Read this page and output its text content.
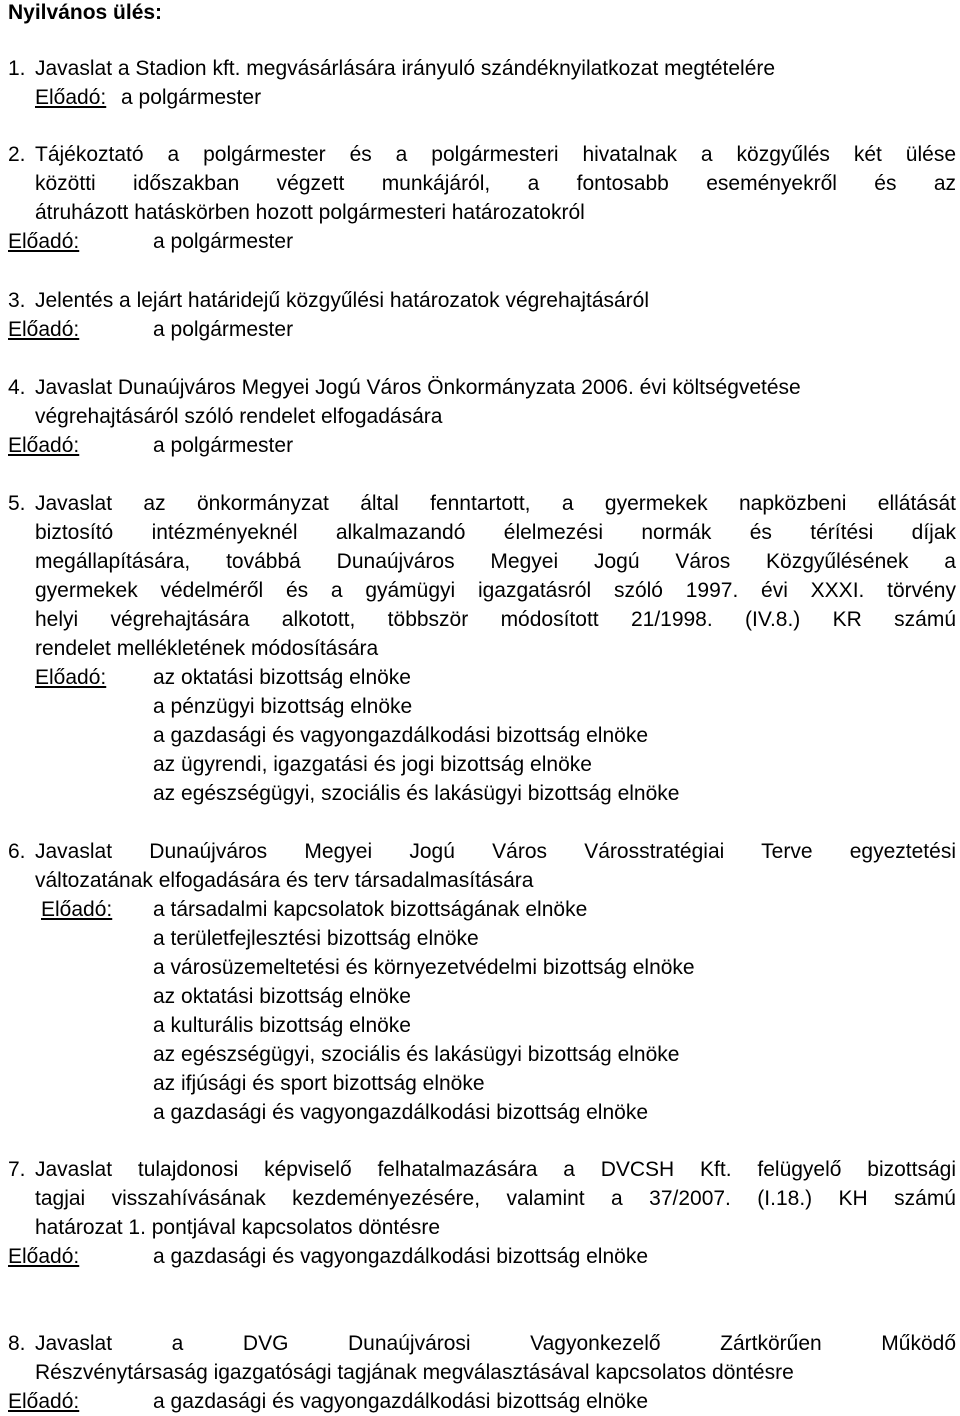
Nyilvános ülés:
1. Javaslat a Stadion kft. megvásárlására irányuló szándéknyilatkozat megtételére
Előadó: a polgármester
2. Tájékoztató a polgármester és a polgármesteri hivatalnak a közgyűlés két ülése
közötti időszakban végzett munkájáról, a fontosabb eseményekről és az
átruházott hatáskörben hozott polgármesteri határozatokról
Előadó:	a polgármester
3. Jelentés a lejárt határidejű közgyűlési határozatok végrehajtásáról
Előadó:	a polgármester
4. Javaslat Dunaújváros Megyei Jogú Város Önkormányzata 2006. évi költségvetése
végrehajtásáról szóló rendelet elfogadására
Előadó:	a polgármester
5. Javaslat az önkormányzat által fenntartott, a gyermekek napközbeni ellátását
biztosító intézményeknél alkalmazandó élelmezési normák és térítési díjak
megállapítására, továbbá Dunaújváros Megyei Jogú Város Közgyűlésének a
gyermekek védelméről és a gyámügyi igazgatásról szóló 1997. évi XXXI. törvény
helyi végrehajtására alkotott, többször módosított 21/1998. (IV.8.) KR számú
rendelet mellékletének módosítására
Előadó: az oktatási bizottság elnöke
a pénzügyi bizottság elnöke
a gazdasági és vagyongazdálkodási bizottság elnöke
az ügyrendi, igazgatási és jogi bizottság elnöke
az egészségügyi, szociális és lakásügyi bizottság elnöke
6. Javaslat Dunaújváros Megyei Jogú Város Városstratégiai Terve egyeztetési
változatának elfogadására és terv társadalmasítására
Előadó: a társadalmi kapcsolatok bizottságának elnöke
a területfejlesztési bizottság elnöke
a városüzemeltetési és környezetvédelmi bizottság elnöke
az oktatási bizottság elnöke
a kulturális bizottság elnöke
az egészségügyi, szociális és lakásügyi bizottság elnöke
az ifjúsági és sport bizottság elnöke
a gazdasági és vagyongazdálkodási bizottság elnöke
7. Javaslat tulajdonosi képviselő felhatalmazására a DVCSH Kft. felügyelő bizottsági
tagjai visszahívásának kezdeményezésére, valamint a 37/2007. (I.18.) KH számú
határozat 1. pontjával kapcsolatos döntésre
Előadó:	a gazdasági és vagyongazdálkodási bizottság elnöke
8. Javaslat a DVG Dunaújvárosi Vagyonkezelő Zártkörűen Működő
Részvénytársaság igazgatósági tagjának megválasztásával kapcsolatos döntésre
Előadó:	a gazdasági és vagyongazdálkodási bizottság elnöke
